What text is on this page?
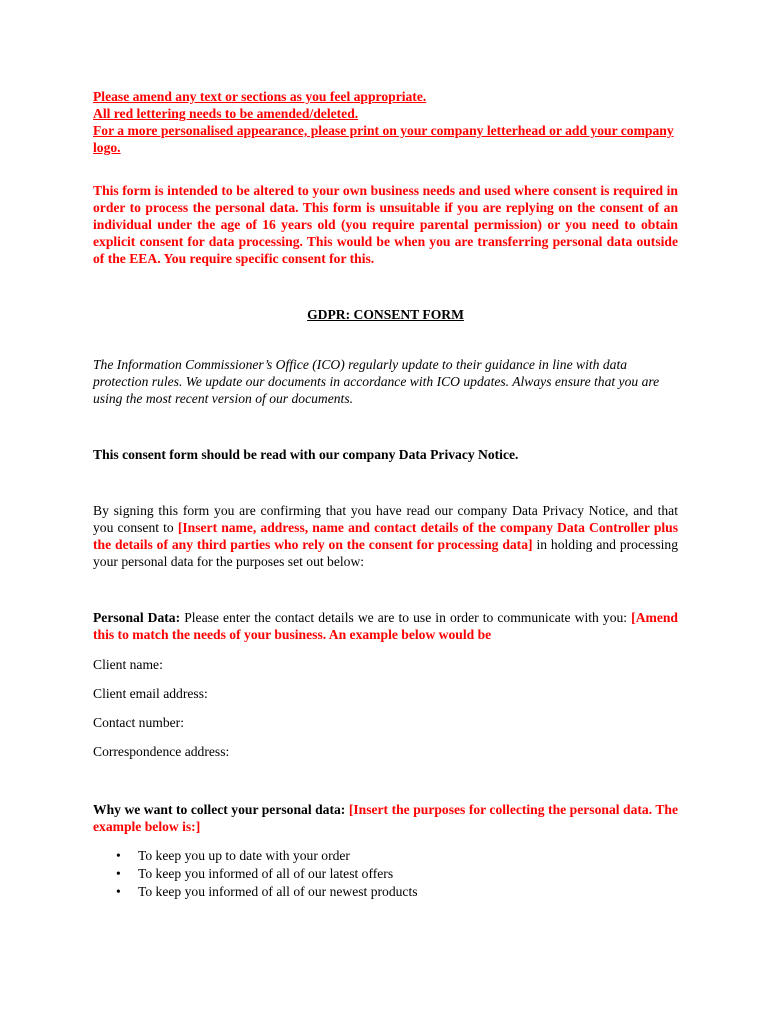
Please amend any text or sections as you feel appropriate.
All red lettering needs to be amended/deleted.
For a more personalised appearance, please print on your company letterhead or add your company logo.

This form is intended to be altered to your own business needs and used where consent is required in order to process the personal data. This form is unsuitable if you are replying on the consent of an individual under the age of 16 years old (you require parental permission) or you need to obtain explicit consent for data processing. This would be when you are transferring personal data outside of the EEA. You require specific consent for this.

GDPR: CONSENT FORM

The Information Commissioner’s Office (ICO) regularly update to their guidance in line with data protection rules. We update our documents in accordance with ICO updates. Always ensure that you are using the most recent version of our documents.

This consent form should be read with our company Data Privacy Notice.

By signing this form you are confirming that you have read our company Data Privacy Notice, and that you consent to [Insert name, address, name and contact details of the company Data Controller plus the details of any third parties who rely on the consent for processing data] in holding and processing your personal data for the purposes set out below:

Personal Data: Please enter the contact details we are to use in order to communicate with you: [Amend this to match the needs of your business. An example below would be

Client name:

Client email address:

Contact number:

Correspondence address:

Why we want to collect your personal data: [Insert the purposes for collecting the personal data. The example below is:]

• To keep you up to date with your order
• To keep you informed of all of our latest offers
• To keep you informed of all of our newest products
